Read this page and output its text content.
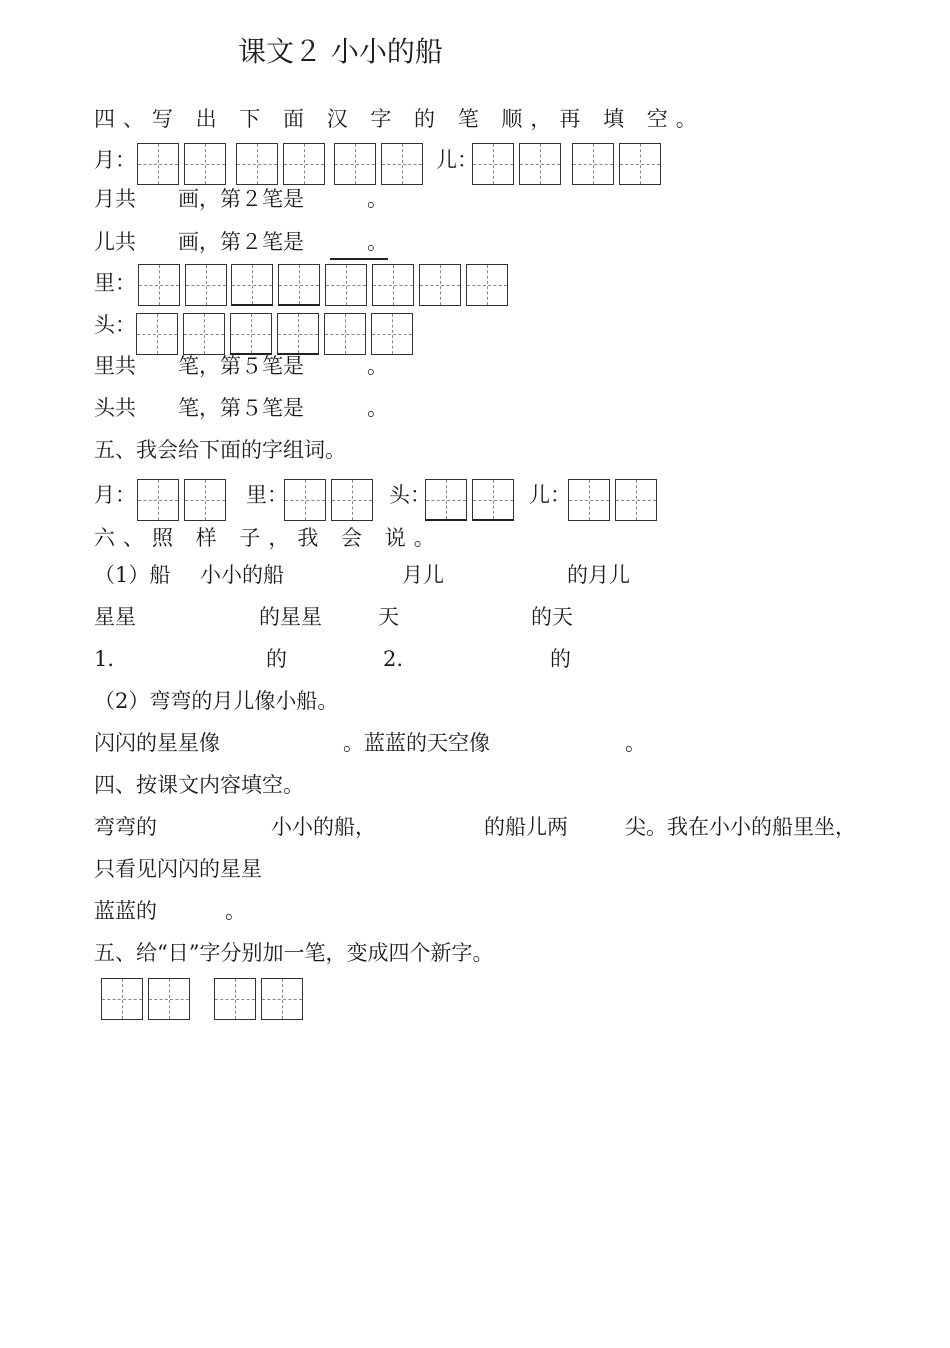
课文２ 小小的船
四、写 出 下 面 汉 字 的 笔 顺，再 填 空。
月：	儿：
月共　　画，第２笔是　　　。
儿共　　画，第２笔是　　　。
里：
头：
里共　　笔，第５笔是　　　。
头共　　笔，第５笔是　　　。
五、我会给下面的字组词。
月：	里：	头：	儿：
六、照 样 子，我 会 说。
（1）船 小小的船	月儿	的月儿
星星	的星星	天	的天
1.	的	2.	的
（2）弯弯的月儿像小船。
闪闪的星星像	。蓝蓝的天空像	。
四、按课文内容填空。
弯弯的	小小的船，	的船儿两	尖。我在小小的船里坐，
只看见闪闪的星星
蓝蓝的	。
五、给“日”字分别加一笔，变成四个新字。
